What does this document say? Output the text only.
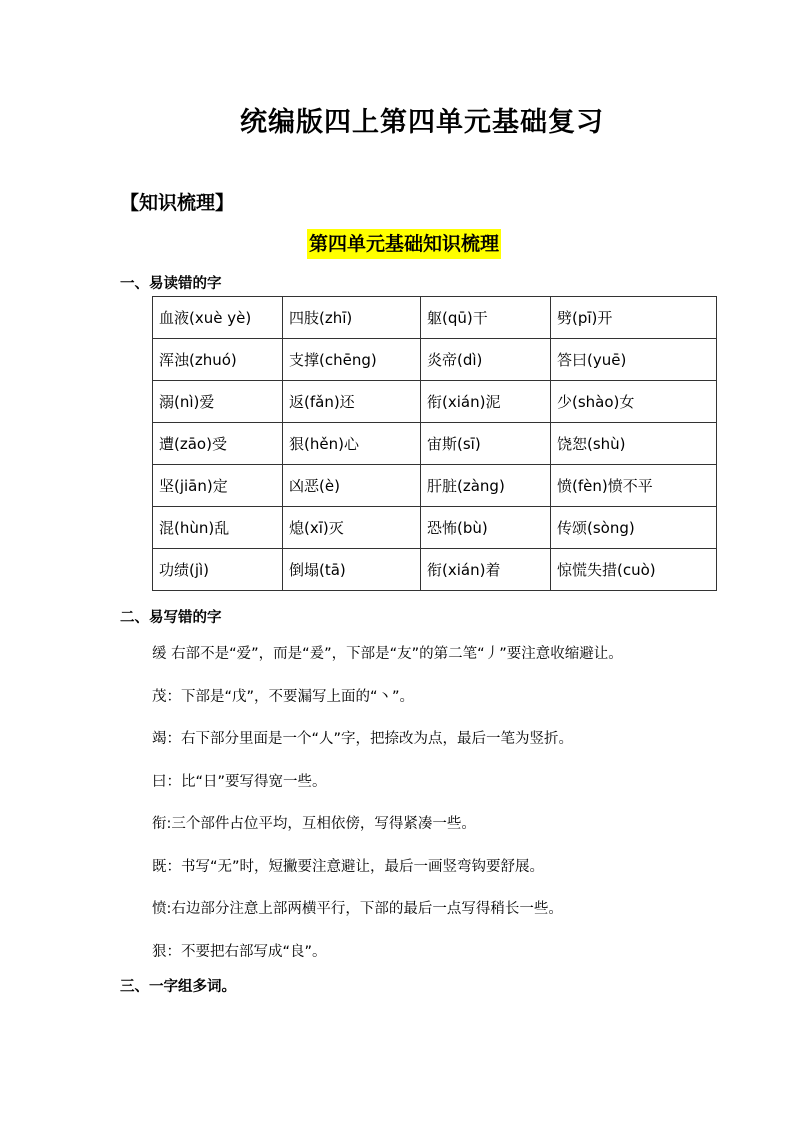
统编版四上第四单元基础复习
【知识梳理】
第四单元基础知识梳理
一、易读错的字
血液(xuè yè)	四肢(zhī)	躯(qū)干	劈(pī)开
浑浊(zhuó)	支撑(chēng)	炎帝(dì)	答曰(yuē)
溺(nì)爱	返(fǎn)还	衔(xián)泥	少(shào)女
遭(zāo)受	狠(hěn)心	宙斯(sī)	饶恕(shù)
坚(jiān)定	凶恶(è)	肝脏(zàng)	愤(fèn)愤不平
混(hùn)乱	熄(xī)灭	恐怖(bù)	传颂(sòng)
功绩(jì)	倒塌(tā)	衔(xián)着	惊慌失措(cuò)
二、易写错的字
缓 右部不是“爱”，而是“爰”，下部是“友”的第二笔“丿”要注意收缩避让。
茂：下部是“戊”，不要漏写上面的“丶”。
竭：右下部分里面是一个“人”字，把捺改为点，最后一笔为竖折。
曰：比“日”要写得宽一些。
衔:三个部件占位平均，互相依傍，写得紧凑一些。
既：书写“无”时，短撇要注意避让，最后一画竖弯钩要舒展。
愤:右边部分注意上部两横平行，下部的最后一点写得稍长一些。
狠：不要把右部写成“良”。
三、一字组多词。
